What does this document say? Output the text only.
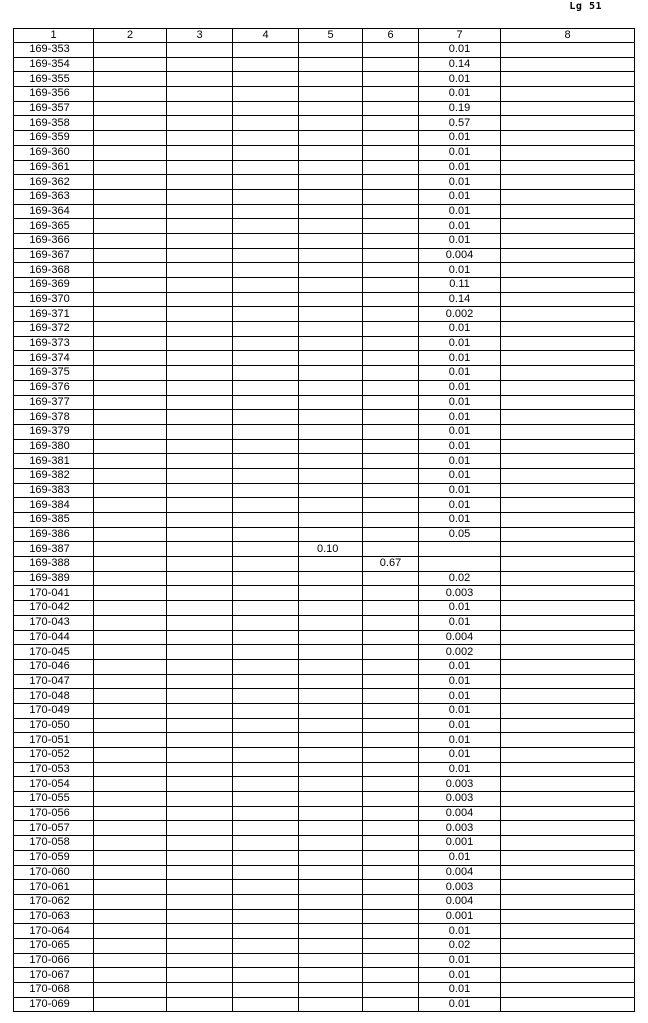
Lg 51
1	2	3	4	5	6	7	8
169-353						0.01	
169-354						0.14	
169-355						0.01	
169-356						0.01	
169-357						0.19	
169-358						0.57	
169-359						0.01	
169-360						0.01	
169-361						0.01	
169-362						0.01	
169-363						0.01	
169-364						0.01	
169-365						0.01	
169-366						0.01	
169-367						0.004	
169-368						0.01	
169-369						0.11	
169-370						0.14	
169-371						0.002	
169-372						0.01	
169-373						0.01	
169-374						0.01	
169-375						0.01	
169-376						0.01	
169-377						0.01	
169-378						0.01	
169-379						0.01	
169-380						0.01	
169-381						0.01	
169-382						0.01	
169-383						0.01	
169-384						0.01	
169-385						0.01	
169-386						0.05	
169-387				0.10			
169-388					0.67		
169-389						0.02	
170-041						0.003	
170-042						0.01	
170-043						0.01	
170-044						0.004	
170-045						0.002	
170-046						0.01	
170-047						0.01	
170-048						0.01	
170-049						0.01	
170-050						0.01	
170-051						0.01	
170-052						0.01	
170-053						0.01	
170-054						0.003	
170-055						0.003	
170-056						0.004	
170-057						0.003	
170-058						0.001	
170-059						0.01	
170-060						0.004	
170-061						0.003	
170-062						0.004	
170-063						0.001	
170-064						0.01	
170-065						0.02	
170-066						0.01	
170-067						0.01	
170-068						0.01	
170-069						0.01	
